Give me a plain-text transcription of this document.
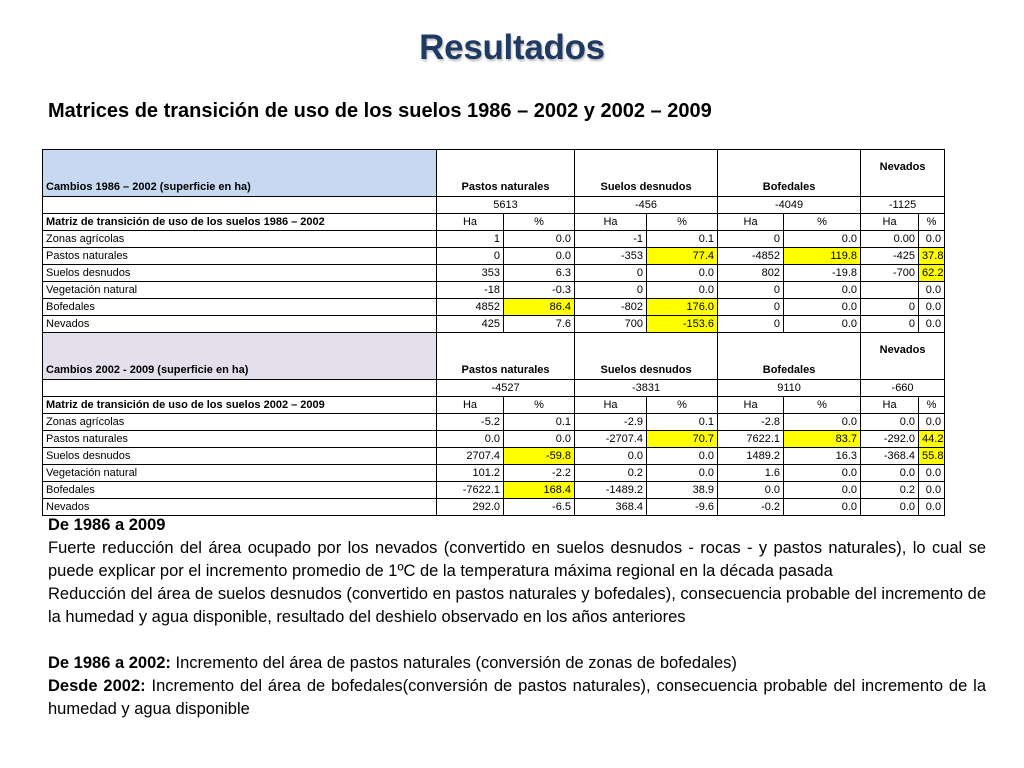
Resultados
Matrices de transición de uso de los suelos 1986 – 2002 y 2002 – 2009
Cambios 1986 – 2002 (superficie en ha)	Pastos naturales		Suelos desnudos		Bofedales		Nevados	
	5613		-456		-4049		-1125	
Matriz de transición de uso de los suelos 1986 – 2002	Ha	%	Ha	%	Ha	%	Ha	%
Zonas agrícolas	1	0.0	-1	0.1	0	0.0	0.00	0.0
Pastos naturales	0	0.0	-353	77.4	-4852	119.8	-425	37.8
Suelos desnudos	353	6.3	0	0.0	802	-19.8	-700	62.2
Vegetación natural	-18	-0.3	0	0.0	0	0.0		0.0
Bofedales	4852	86.4	-802	176.0	0	0.0	0	0.0
Nevados	425	7.6	700	-153.6	0	0.0	0	0.0
Cambios 2002 - 2009 (superficie en ha)	Pastos naturales		Suelos desnudos		Bofedales		Nevados	
	-4527		-3831		9110		-660	
Matriz de transición de uso de los suelos 2002 – 2009	Ha	%	Ha	%	Ha	%	Ha	%
Zonas agrícolas	-5.2	0.1	-2.9	0.1	-2.8	0.0	0.0	0.0
Pastos naturales	0.0	0.0	-2707.4	70.7	7622.1	83.7	-292.0	44.2
Suelos desnudos	2707.4	-59.8	0.0	0.0	1489.2	16.3	-368.4	55.8
Vegetación natural	101.2	-2.2	0.2	0.0	1.6	0.0	0.0	0.0
Bofedales	-7622.1	168.4	-1489.2	38.9	0.0	0.0	0.2	0.0
Nevados	292.0	-6.5	368.4	-9.6	-0.2	0.0	0.0	0.0

De 1986 a 2009

Fuerte reducción del área ocupado por los nevados (convertido en suelos desnudos - rocas - y pastos naturales), lo cual se puede explicar por el incremento promedio de 1ºC de la temperatura máxima regional en la década pasada

Reducción del área de suelos desnudos (convertido en pastos naturales y bofedales), consecuencia probable del incremento de la humedad y agua disponible, resultado del deshielo observado en los años anteriores

De 1986 a 2002: Incremento del área de pastos naturales (conversión de zonas de bofedales)

Desde 2002: Incremento del área de bofedales(conversión de pastos naturales), consecuencia probable del incremento de la humedad y agua disponible
